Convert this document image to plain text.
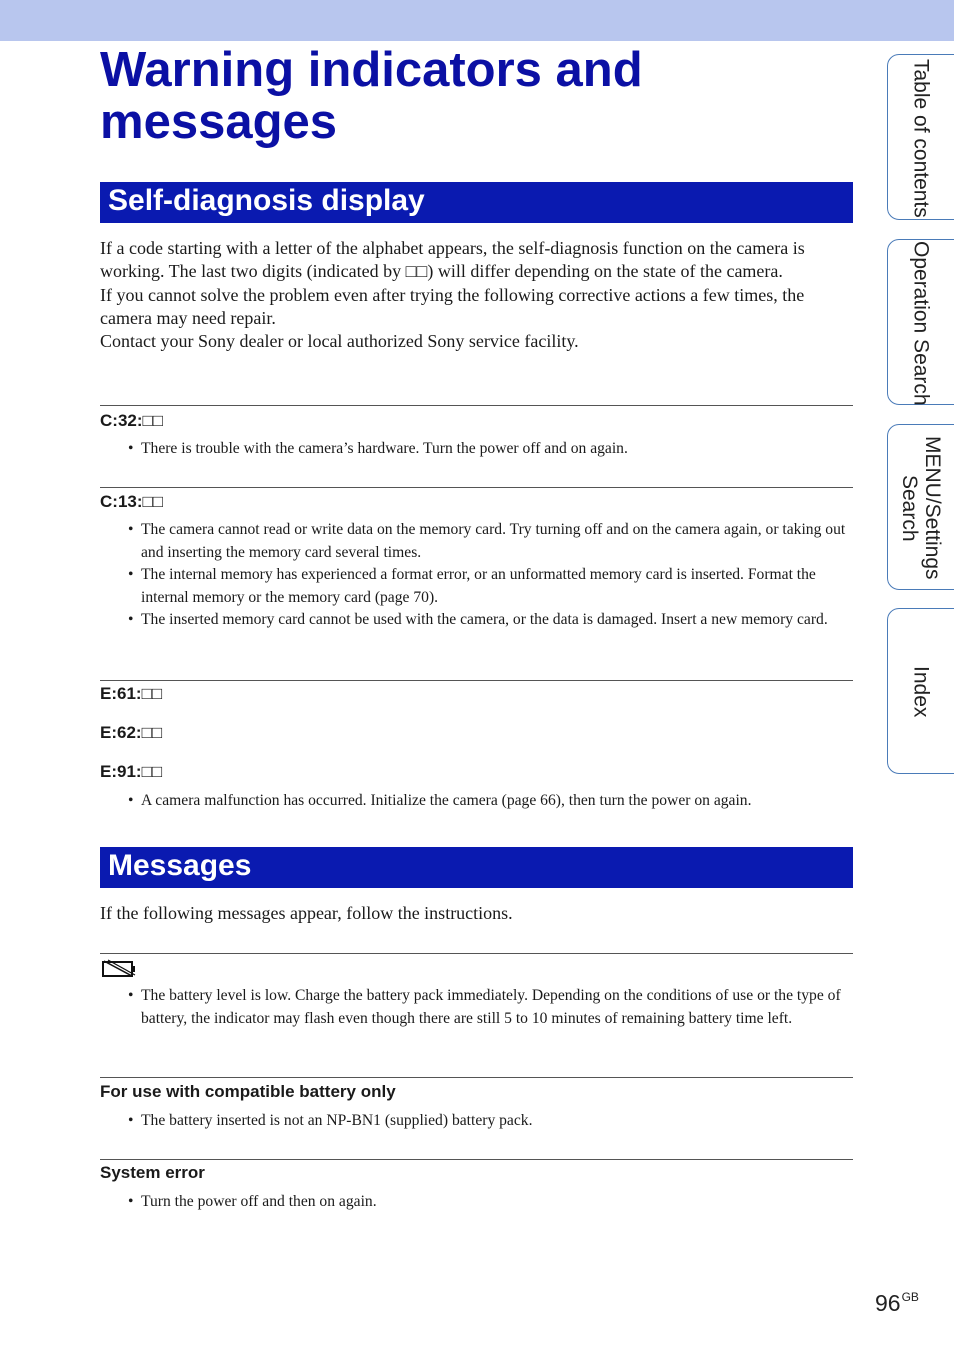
Warning indicators and messages
Self-diagnosis display

If a code starting with a letter of the alphabet appears, the self-diagnosis function on the camera is working. The last two digits (indicated by □□) will differ depending on the state of the camera.

If you cannot solve the problem even after trying the following corrective actions a few times, the camera may need repair.

Contact your Sony dealer or local authorized Sony service facility.

C:32:□□
• There is trouble with the camera’s hardware. Turn the power off and on again.
C:13:□□
• The camera cannot read or write data on the memory card. Try turning off and on the camera again, or taking out and inserting the memory card several times.
• The internal memory has experienced a format error, or an unformatted memory card is inserted. Format the internal memory or the memory card (page 70).
• The inserted memory card cannot be used with the camera, or the data is damaged. Insert a new memory card.
E:61:□□
E:62:□□
E:91:□□
• A camera malfunction has occurred. Initialize the camera (page 66), then turn the power on again.
Messages
If the following messages appear, follow the instructions.
• The battery level is low. Charge the battery pack immediately. Depending on the conditions of use or the type of battery, the indicator may flash even though there are still 5 to 10 minutes of remaining battery time left.
For use with compatible battery only
• The battery inserted is not an NP-BN1 (supplied) battery pack.
System error
• Turn the power off and then on again.
Table of contents
Operation Search
MENU/Settings Search
Index
$96^{GB}$
